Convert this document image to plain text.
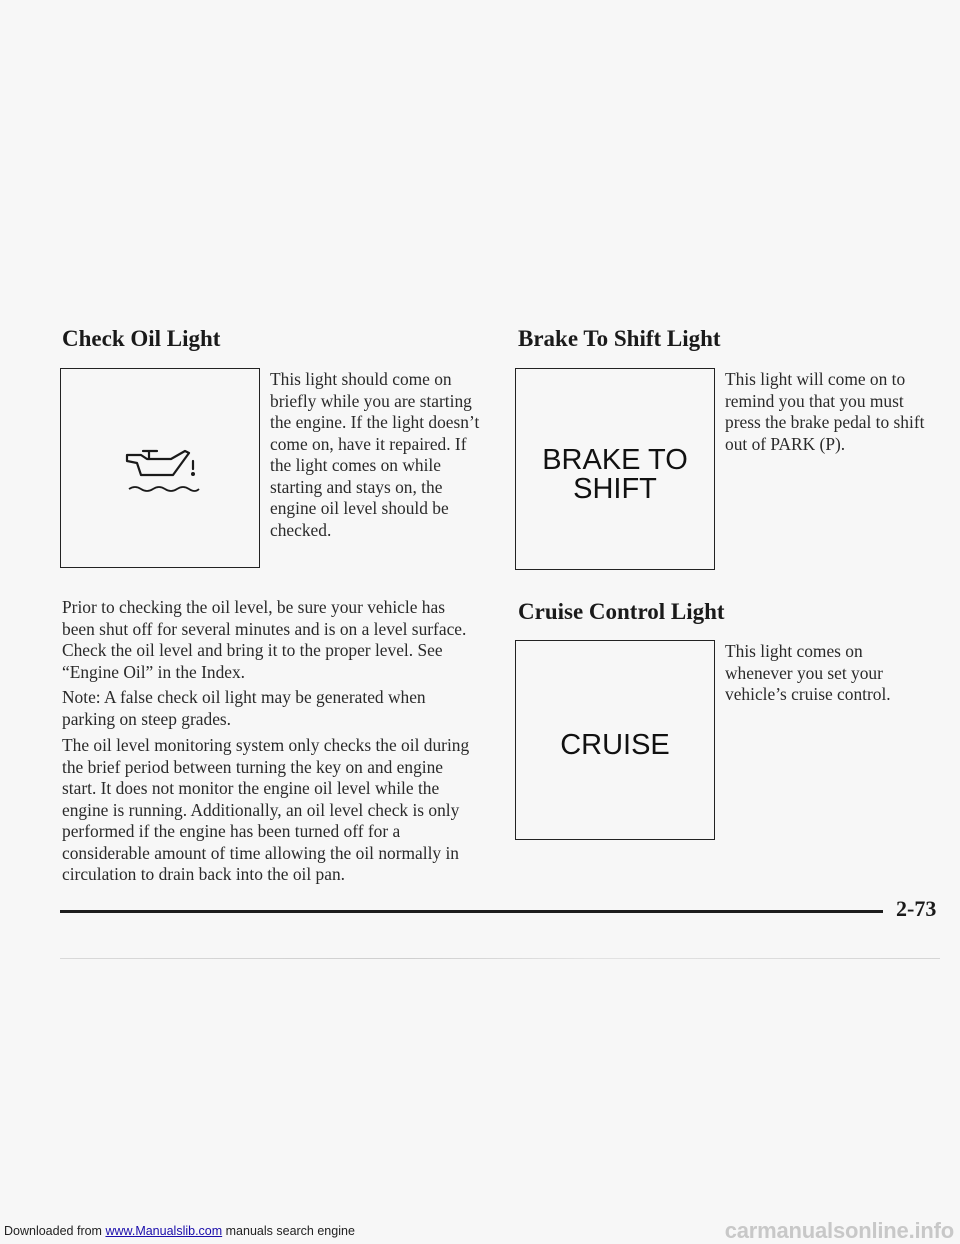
Check Oil Light

This light should come on briefly while you are starting the engine. If the light doesn’t come on, have it repaired. If the light comes on while starting and stays on, the engine oil level should be checked.

Prior to checking the oil level, be sure your vehicle has been shut off for several minutes and is on a level surface. Check the oil level and bring it to the proper level. See “Engine Oil” in the Index.

Note: A false check oil light may be generated when parking on steep grades.

The oil level monitoring system only checks the oil during the brief period between turning the key on and engine start. It does not monitor the engine oil level while the engine is running. Additionally, an oil level check is only performed if the engine has been turned off for a considerable amount of time allowing the oil normally in circulation to drain back into the oil pan.

Brake To Shift Light
BRAKE TO
SHIFT

This light will come on to remind you that you must press the brake pedal to shift out of PARK (P).

Cruise Control Light
CRUISE

This light comes on whenever you set your vehicle’s cruise control.

2-73
Downloaded from www.Manualslib.com manuals search engine	carmanualsonline.info
